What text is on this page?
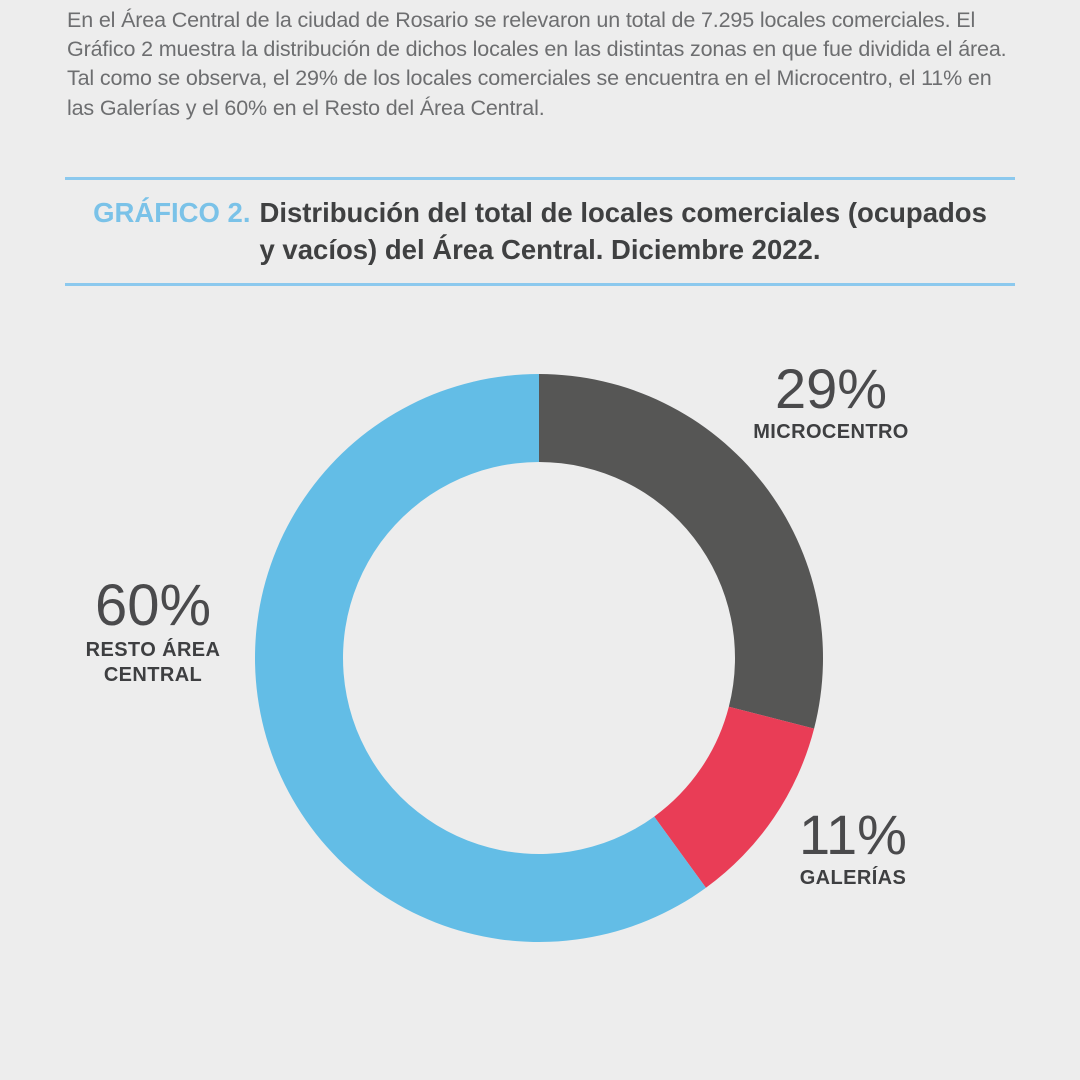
En el Área Central de la ciudad de Rosario se relevaron un total de 7.295 locales comerciales. El Gráfico 2 muestra la distribución de dichos locales en las distintas zonas en que fue dividida el área. Tal como se observa, el 29% de los locales comerciales se encuentra en el Microcentro, el 11% en las Galerías y el 60% en el Resto del Área Central.

GRÁFICO 2. Distribución del total de locales comerciales (ocupados y vacíos) del Área Central. Diciembre 2022.
29%
MICROCENTRO
11%
GALERÍAS
60%
RESTO ÁREA CENTRAL
